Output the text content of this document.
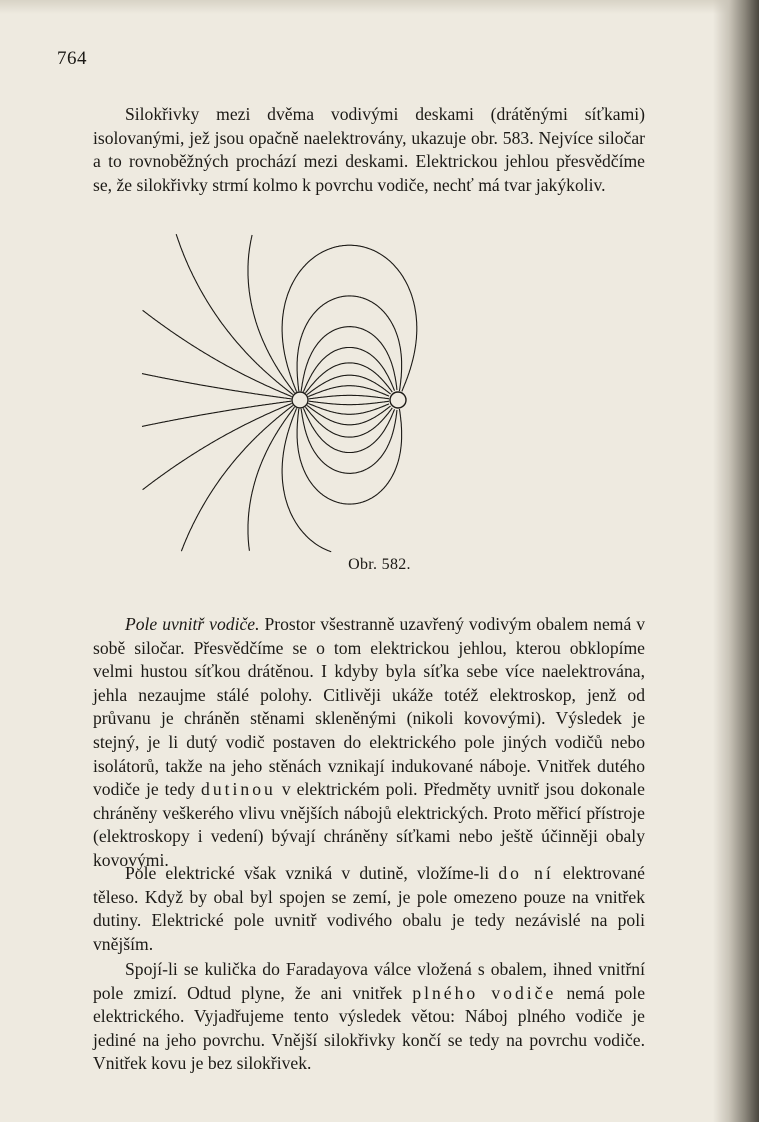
764

Silokřivky mezi dvěma vodivými deskami (drátěnými síťkami) isolovanými, jež jsou opačně naelektrovány, ukazuje obr. 583. Nejvíce siločar a to rovnoběžných prochází mezi deskami. Elektrickou jehlou přesvědčíme se, že silokřivky strmí kolmo k povrchu vodiče, nechť má tvar jakýkoliv.

Obr. 582.

Pole uvnitř vodiče. Prostor všestranně uzavřený vodivým obalem nemá v sobě siločar. Přesvědčíme se o tom elektrickou jehlou, kterou obklopíme velmi hustou síťkou drátěnou. I kdyby byla síťka sebe více naelektrována, jehla nezaujme stálé polohy. Citlivěji ukáže totéž elektroskop, jenž od průvanu je chráněn stěnami skleněnými (nikoli kovovými). Výsledek je stejný, je li dutý vodič postaven do elektrického pole jiných vodičů nebo isolátorů, takže na jeho stěnách vznikají indukované náboje. Vnitřek dutého vodiče je tedy dutinou v elektrickém poli. Předměty uvnitř jsou dokonale chráněny veškerého vlivu vnějších nábojů elektrických. Proto měřicí přístroje (elektroskopy i vedení) bývají chráněny síťkami nebo ještě účinněji obaly kovovými.

Pole elektrické však vzniká v dutině, vložíme-li do ní elektrované těleso. Když by obal byl spojen se zemí, je pole omezeno pouze na vnitřek dutiny. Elektrické pole uvnitř vodivého obalu je tedy nezávislé na poli vnějším.

Spojí-li se kulička do Faradayova válce vložená s obalem, ihned vnitřní pole zmizí. Odtud plyne, že ani vnitřek plného vodiče nemá pole elektrického. Vyjadřujeme tento výsledek větou: Náboj plného vodiče je jediné na jeho povrchu. Vnější silokřivky končí se tedy na povrchu vodiče. Vnitřek kovu je bez silokřivek.
